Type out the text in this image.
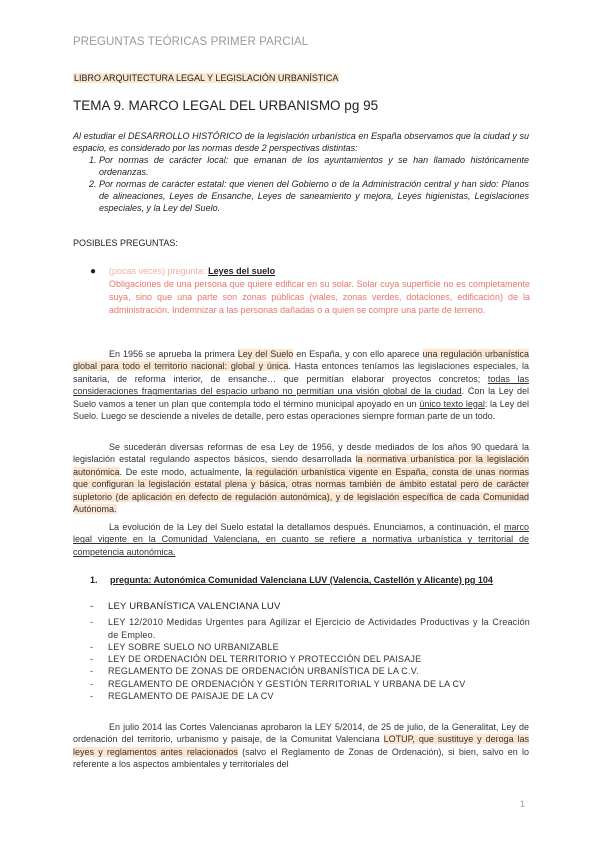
PREGUNTAS TEÓRICAS PRIMER PARCIAL
LIBRO ARQUITECTURA LEGAL Y LEGISLACIÓN URBANÍSTICA
TEMA 9. MARCO LEGAL DEL URBANISMO pg 95
Al estudiar el DESARROLLO HISTÓRICO de la legislación urbanística en España observamos que la ciudad y su espacio, es considerado por las normas desde 2 perspectivas distintas:
1. Por normas de carácter local: que emanan de los ayuntamientos y se han llamado históricamente ordenanzas.
2. Por normas de carácter estatal: que vienen del Gobierno o de la Administración central y han sido: Planos de alineaciones, Leyes de Ensanche, Leyes de saneamiento y mejora, Leyes higienistas, Legislaciones especiales, y la Ley del Suelo.
POSIBLES PREGUNTAS:
● (pocas veces) pregunta: Leyes del suelo
Obligaciones de una persona que quiere edificar en su solar. Solar cuya superficie no es completamente suya, sino que una parte son zonas públicas (viales, zonas verdes, dotaciones, edificación) de la administración. Indemnizar a las personas dañadas o a quien se compre una parte de terreno.
En 1956 se aprueba la primera Ley del Suelo en España, y con ello aparece una regulación urbanística global para todo el territorio nacional: global y única. Hasta entonces teníamos las legislaciones especiales, la sanitaria, de reforma interior, de ensanche… que permitían elaborar proyectos concretos; todas las consideraciones fragmentarias del espacio urbano no permitían una visión global de la ciudad. Con la Ley del Suelo vamos a tener un plan que contempla todo el término municipal apoyado en un único texto legal: la Ley del Suelo. Luego se desciende a niveles de detalle, pero estas operaciones siempre forman parte de un todo.
Se sucederán diversas reformas de esa Ley de 1956, y desde mediados de los años 90 quedará la legislación estatal regulando aspectos básicos, siendo desarrollada la normativa urbanística por la legislación autonómica. De este modo, actualmente, la regulación urbanística vigente en España, consta de unas normas que configuran la legislación estatal plena y básica, otras normas también de ámbito estatal pero de carácter supletorio (de aplicación en defecto de regulación autonómica), y de legislación específica de cada Comunidad Autónoma.
La evolución de la Ley del Suelo estatal la detallamos después. Enunciamos, a continuación, el marco legal vigente en la Comunidad Valenciana, en cuanto se refiere a normativa urbanística y territorial de competencia autonómica.
1. pregunta: Autonómica Comunidad Valenciana LUV (Valencia, Castellón y Alicante) pg 104
- LEY URBANÍSTICA VALENCIANA LUV
- LEY 12/2010 Medidas Urgentes para Agilizar el Ejercicio de Actividades Productivas y la Creación de Empleo.
- LEY SOBRE SUELO NO URBANIZABLE
- LEY DE ORDENACIÓN DEL TERRITORIO Y PROTECCIÓN DEL PAISAJE
- REGLAMENTO DE ZONAS DE ORDENACIÓN URBANÍSTICA DE LA C.V.
- REGLAMENTO DE ORDENACIÓN Y GESTIÓN TERRITORIAL Y URBANA DE LA CV
- REGLAMENTO DE PAISAJE DE LA CV
En julio 2014 las Cortes Valencianas aprobaron la LEY 5/2014, de 25 de julio, de la Generalitat, Ley de ordenación del territorio, urbanismo y paisaje, de la Comunitat Valenciana LOTUP, que sustituye y deroga las leyes y reglamentos antes relacionados (salvo el Reglamento de Zonas de Ordenación), si bien, salvo en lo referente a los aspectos ambientales y territoriales del
1
